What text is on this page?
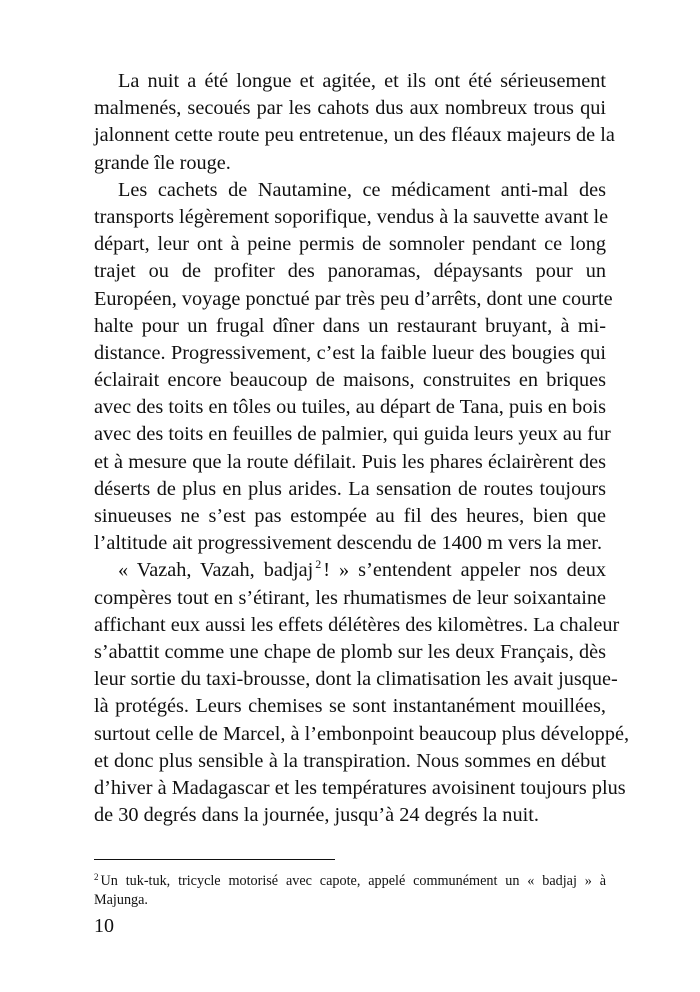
La nuit a été longue et agitée, et ils ont été sérieusement
malmenés, secoués par les cahots dus aux nombreux trous qui
jalonnent cette route peu entretenue, un des fléaux majeurs de la
grande île rouge.
Les cachets de Nautamine, ce médicament anti-mal des
transports légèrement soporifique, vendus à la sauvette avant le
départ, leur ont à peine permis de somnoler pendant ce long
trajet ou de profiter des panoramas, dépaysants pour un
Européen, voyage ponctué par très peu d’arrêts, dont une courte
halte pour un frugal dîner dans un restaurant bruyant, à mi-
distance. Progressivement, c’est la faible lueur des bougies qui
éclairait encore beaucoup de maisons, construites en briques
avec des toits en tôles ou tuiles, au départ de Tana, puis en bois
avec des toits en feuilles de palmier, qui guida leurs yeux au fur
et à mesure que la route défilait. Puis les phares éclairèrent des
déserts de plus en plus arides. La sensation de routes toujours
sinueuses ne s’est pas estompée au fil des heures, bien que
l’altitude ait progressivement descendu de 1400 m vers la mer.
« Vazah, Vazah, badjaj $^2$! » s’entendent appeler nos deux
compères tout en s’étirant, les rhumatismes de leur soixantaine
affichant eux aussi les effets délétères des kilomètres. La chaleur
s’abattit comme une chape de plomb sur les deux Français, dès
leur sortie du taxi-brousse, dont la climatisation les avait jusque-
là protégés. Leurs chemises se sont instantanément mouillées,
surtout celle de Marcel, à l’embonpoint beaucoup plus développé,
et donc plus sensible à la transpiration. Nous sommes en début
d’hiver à Madagascar et les températures avoisinent toujours plus
de 30 degrés dans la journée, jusqu’à 24 degrés la nuit.
$^2$ Un tuk-tuk, tricycle motorisé avec capote, appelé communément un « badjaj » à
Majunga.
10
